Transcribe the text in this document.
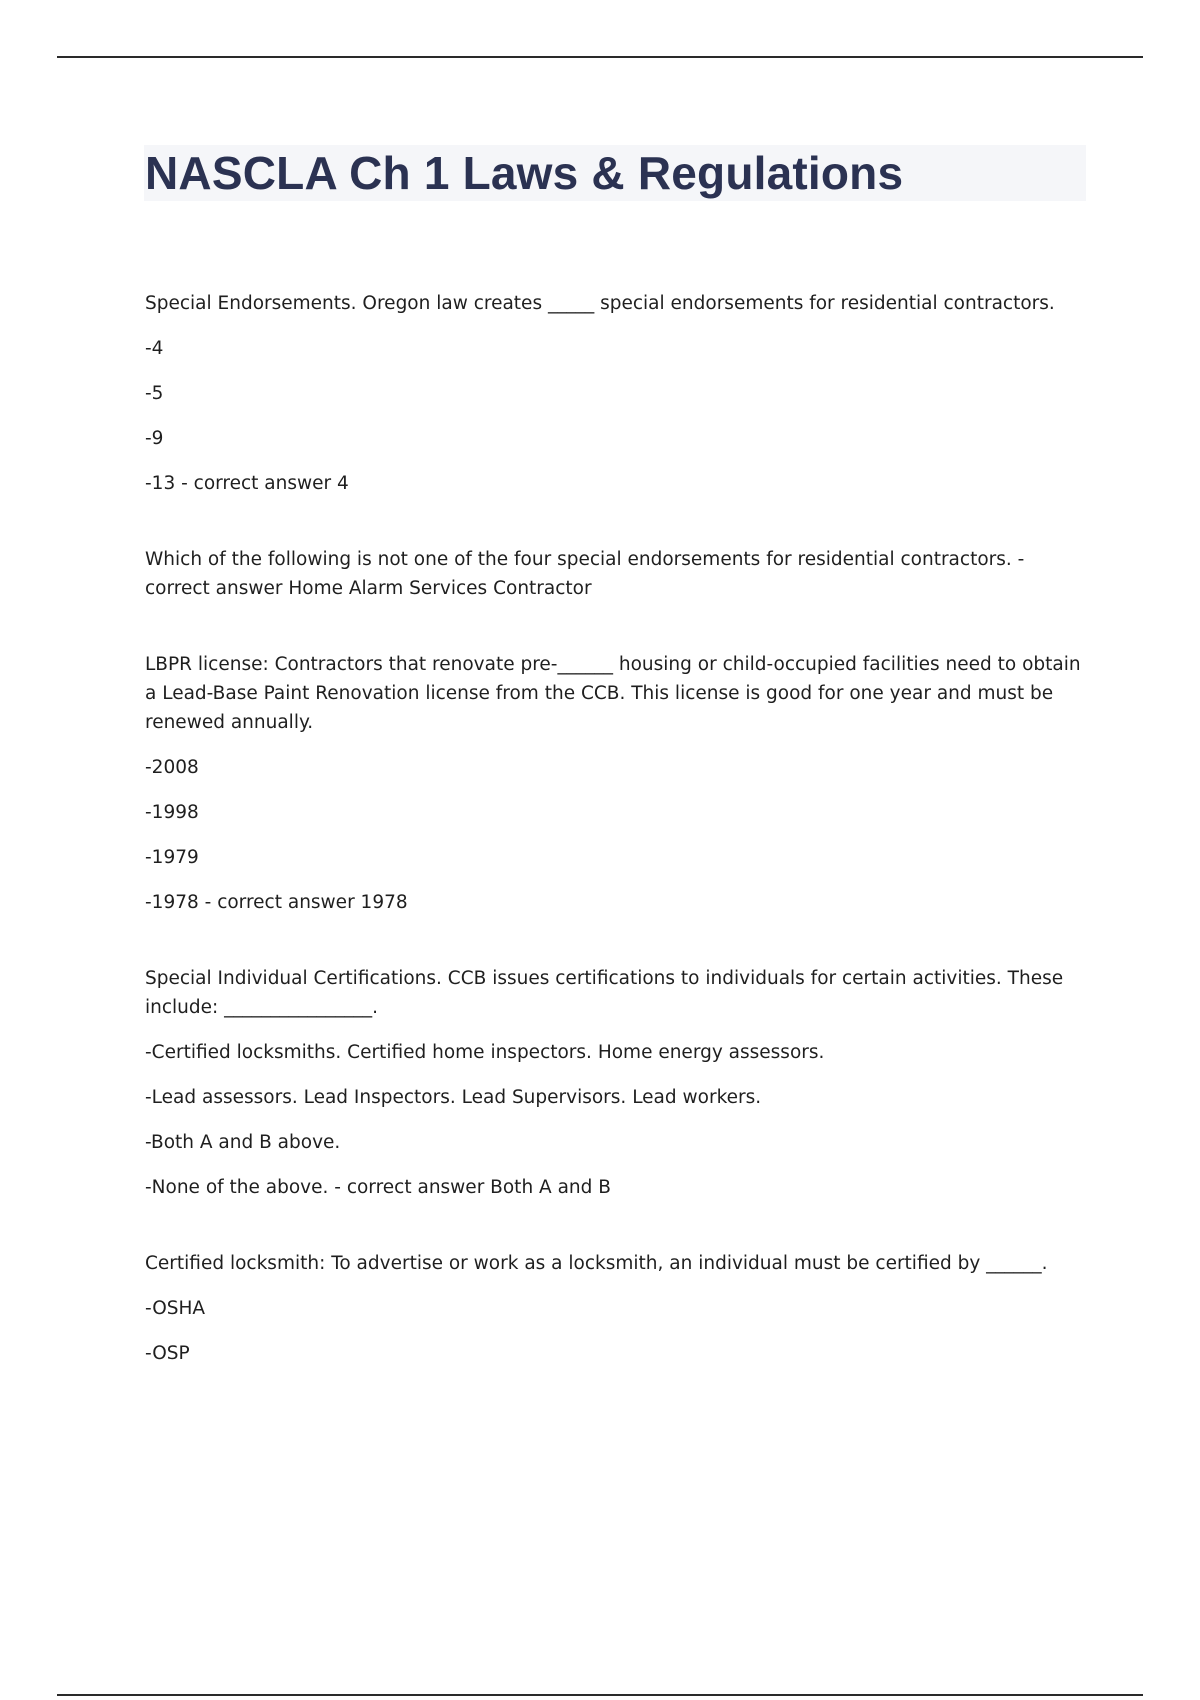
NASCLA Ch 1 Laws & Regulations

Special Endorsements. Oregon law creates _____ special endorsements for residential contractors.

-4

-5

-9

-13 - correct answer 4

Which of the following is not one of the four special endorsements for residential contractors. - correct answer Home Alarm Services Contractor

LBPR license: Contractors that renovate pre-______ housing or child-occupied facilities need to obtain a Lead-Base Paint Renovation license from the CCB. This license is good for one year and must be renewed annually.

-2008

-1998

-1979

-1978 - correct answer 1978

Special Individual Certifications. CCB issues certifications to individuals for certain activities. These include: ________________.

-Certified locksmiths. Certified home inspectors. Home energy assessors.

-Lead assessors. Lead Inspectors. Lead Supervisors. Lead workers.

-Both A and B above.

-None of the above. - correct answer Both A and B

Certified locksmith: To advertise or work as a locksmith, an individual must be certified by ______.

-OSHA

-OSP
